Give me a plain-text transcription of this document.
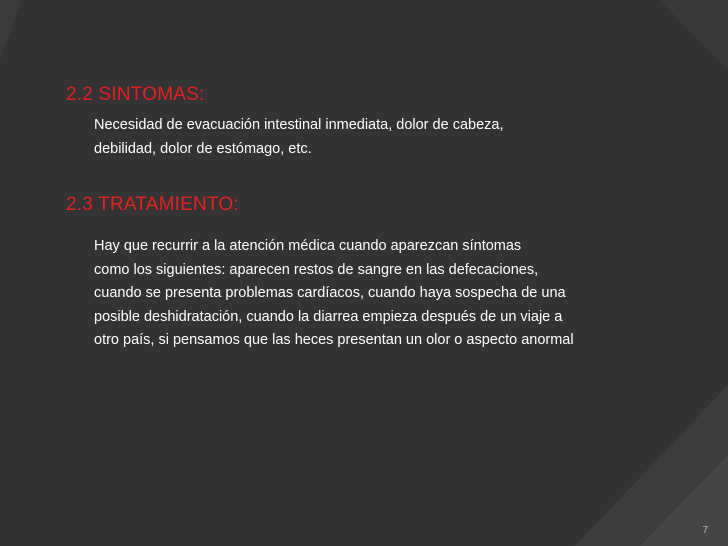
2.2 SINTOMAS:

Necesidad de evacuación intestinal inmediata, dolor de cabeza,
debilidad, dolor de estómago, etc.

2.3 TRATAMIENTO:

Hay que recurrir a la atención médica cuando aparezcan síntomas
como los siguientes: aparecen restos de sangre en las defecaciones,
cuando se presenta problemas cardíacos, cuando haya sospecha de una
posible deshidratación, cuando la diarrea empieza después de un viaje a
otro país, si pensamos que las heces presentan un olor o aspecto anormal

7
